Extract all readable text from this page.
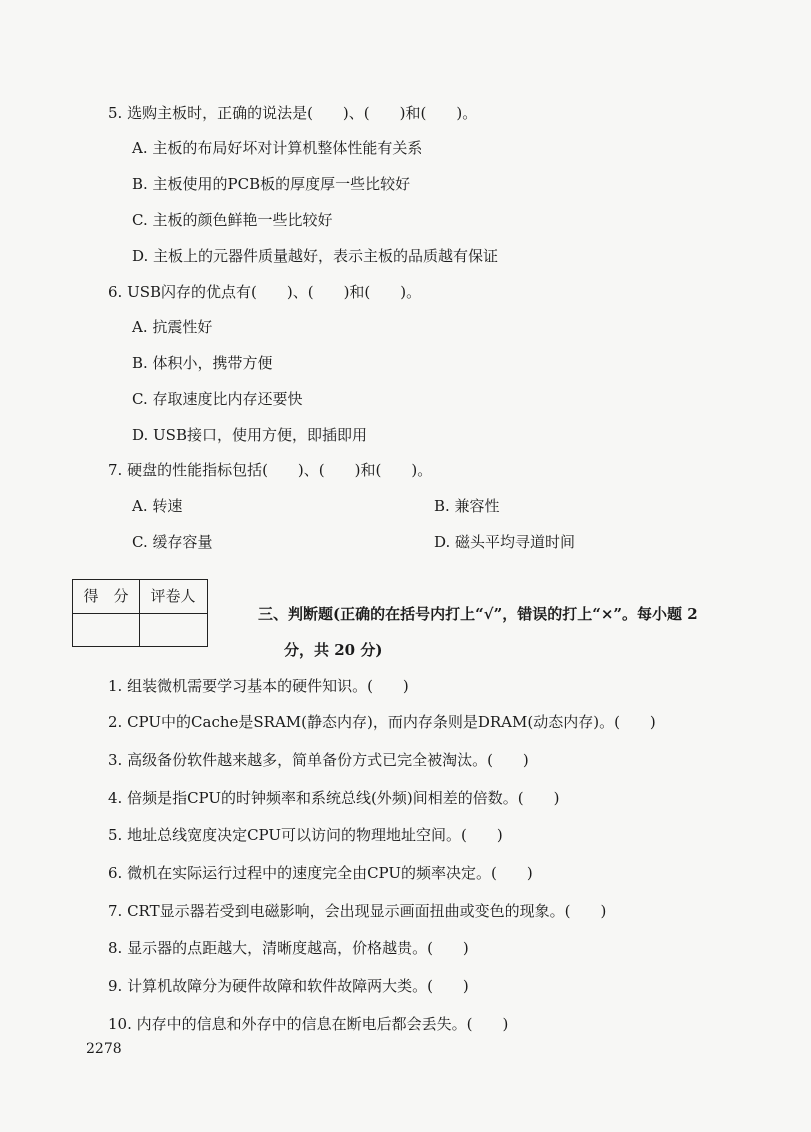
5. 选购主板时，正确的说法是(　　)、(　　)和(　　)。
A. 主板的布局好坏对计算机整体性能有关系
B. 主板使用的PCB板的厚度厚一些比较好
C. 主板的颜色鲜艳一些比较好
D. 主板上的元器件质量越好，表示主板的品质越有保证
6. USB闪存的优点有(　　)、(　　)和(　　)。
A. 抗震性好
B. 体积小，携带方便
C. 存取速度比内存还要快
D. USB接口，使用方便，即插即用
7. 硬盘的性能指标包括(　　)、(　　)和(　　)。
A. 转速	B. 兼容性
C. 缓存容量	D. 磁头平均寻道时间
得　分	评卷人
三、判断题(正确的在括号内打上“√”，错误的打上“×”。每小题 2
分，共 20 分)
1. 组装微机需要学习基本的硬件知识。(　　)
2. CPU中的Cache是SRAM(静态内存)，而内存条则是DRAM(动态内存)。(　　)
3. 高级备份软件越来越多，简单备份方式已完全被淘汰。(　　)
4. 倍频是指CPU的时钟频率和系统总线(外频)间相差的倍数。(　　)
5. 地址总线宽度决定CPU可以访问的物理地址空间。(　　)
6. 微机在实际运行过程中的速度完全由CPU的频率决定。(　　)
7. CRT显示器若受到电磁影响，会出现显示画面扭曲或变色的现象。(　　)
8. 显示器的点距越大，清晰度越高，价格越贵。(　　)
9. 计算机故障分为硬件故障和软件故障两大类。(　　)
10. 内存中的信息和外存中的信息在断电后都会丢失。(　　)
2278
